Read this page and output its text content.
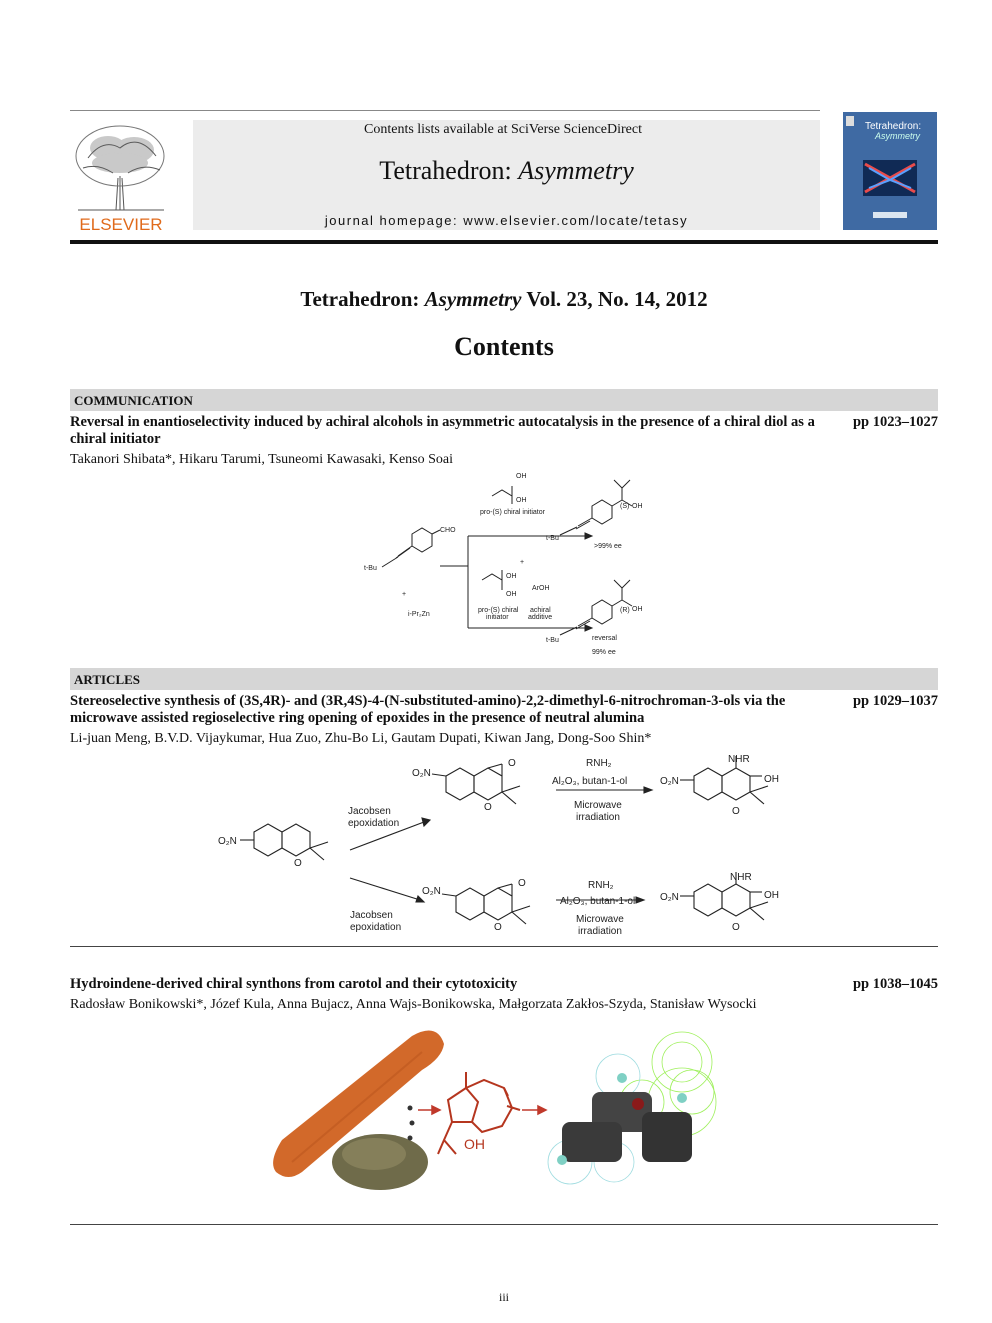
ELSEVIER
Contents lists available at SciVerse ScienceDirect
Tetrahedron: Asymmetry
journal homepage: www.elsevier.com/locate/tetasy
Tetrahedron:
Asymmetry
Tetrahedron: Asymmetry Vol. 23, No. 14, 2012
Contents
COMMUNICATION
Reversal in enantioselectivity induced by achiral alcohols in asymmetric autocatalysis in the presence of a chiral diol as a chiral initiator
pp 1023–1027
Takanori Shibata*, Hikaru Tarumi, Tsuneomi Kawasaki, Kenso Soai
CHO
t-Bu
+
i-Pr₂Zn
OH
OH
pro-(S) chiral initiator
OH
OH
+
ArOH
pro-(S) chiral
initiator
achiral
additive
(S) OH
(R) OH
t-Bu
t-Bu
>99% ee
reversal
99% ee
ARTICLES
Stereoselective synthesis of (3S,4R)- and (3R,4S)-4-(N-substituted-amino)-2,2-dimethyl-6-nitrochroman-3-ols via the microwave assisted regioselective ring opening of epoxides in the presence of neutral alumina
pp 1029–1037
Li-juan Meng, B.V.D. Vijaykumar, Hua Zuo, Zhu-Bo Li, Gautam Dupati, Kiwan Jang, Dong-Soo Shin*
O₂N
O
Jacobsen
epoxidation
Jacobsen
epoxidation
O₂N
O
O
O₂N
O
O
RNH₂
Al₂O₃, butan-1-ol
Microwave
irradiation
RNH₂
Al₂O₃, butan-1-ol
Microwave
irradiation
O₂N
NHR
OH
O
O₂N
NHR
OH
O
Hydroindene-derived chiral synthons from carotol and their cytotoxicity	pp 1038–1045
Radosław Bonikowski*, Józef Kula, Anna Bujacz, Anna Wajs-Bonikowska, Małgorzata Zakłos-Szyda, Stanisław Wysocki
OH
iii
